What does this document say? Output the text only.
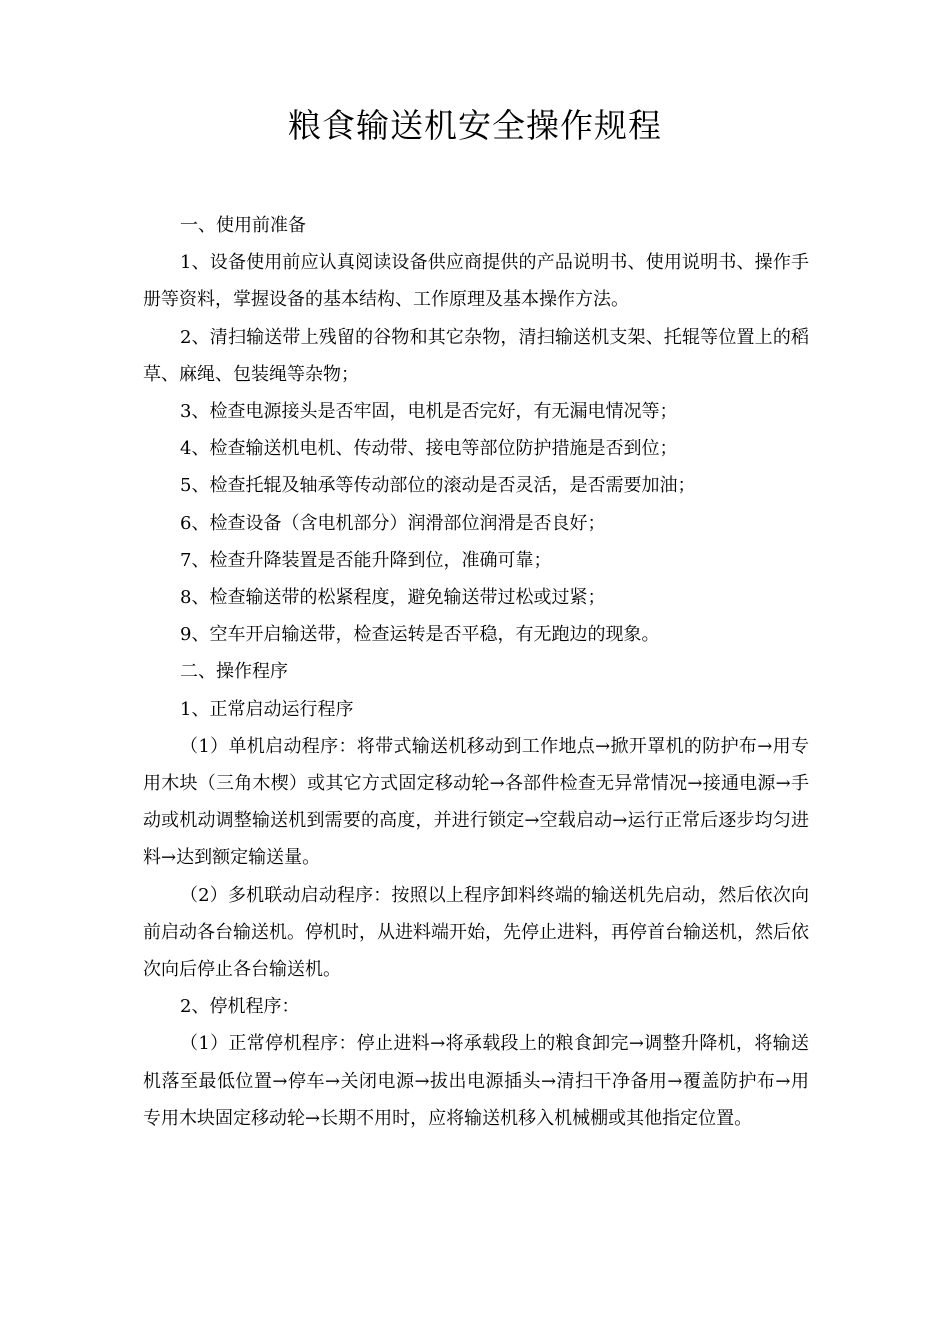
粮食输送机安全操作规程

一、使用前准备

1、设备使用前应认真阅读设备供应商提供的产品说明书、使用说明书、操作手册等资料，掌握设备的基本结构、工作原理及基本操作方法。

2、清扫输送带上残留的谷物和其它杂物，清扫输送机支架、托辊等位置上的稻草、麻绳、包装绳等杂物；

3、检查电源接头是否牢固，电机是否完好，有无漏电情况等；

4、检查输送机电机、传动带、接电等部位防护措施是否到位；

5、检查托辊及轴承等传动部位的滚动是否灵活，是否需要加油；

6、检查设备（含电机部分）润滑部位润滑是否良好；

7、检查升降装置是否能升降到位，准确可靠；

8、检查输送带的松紧程度，避免输送带过松或过紧；

9、空车开启输送带，检查运转是否平稳，有无跑边的现象。

二、操作程序

1、正常启动运行程序

（1）单机启动程序：将带式输送机移动到工作地点→掀开罩机的防护布→用专用木块（三角木楔）或其它方式固定移动轮→各部件检查无异常情况→接通电源→手动或机动调整输送机到需要的高度，并进行锁定→空载启动→运行正常后逐步均匀进料→达到额定输送量。

（2）多机联动启动程序：按照以上程序卸料终端的输送机先启动，然后依次向前启动各台输送机。停机时，从进料端开始，先停止进料，再停首台输送机，然后依次向后停止各台输送机。

2、停机程序：

（1）正常停机程序：停止进料→将承载段上的粮食卸完→调整升降机，将输送机落至最低位置→停车→关闭电源→拔出电源插头→清扫干净备用→覆盖防护布→用专用木块固定移动轮→长期不用时，应将输送机移入机械棚或其他指定位置。
